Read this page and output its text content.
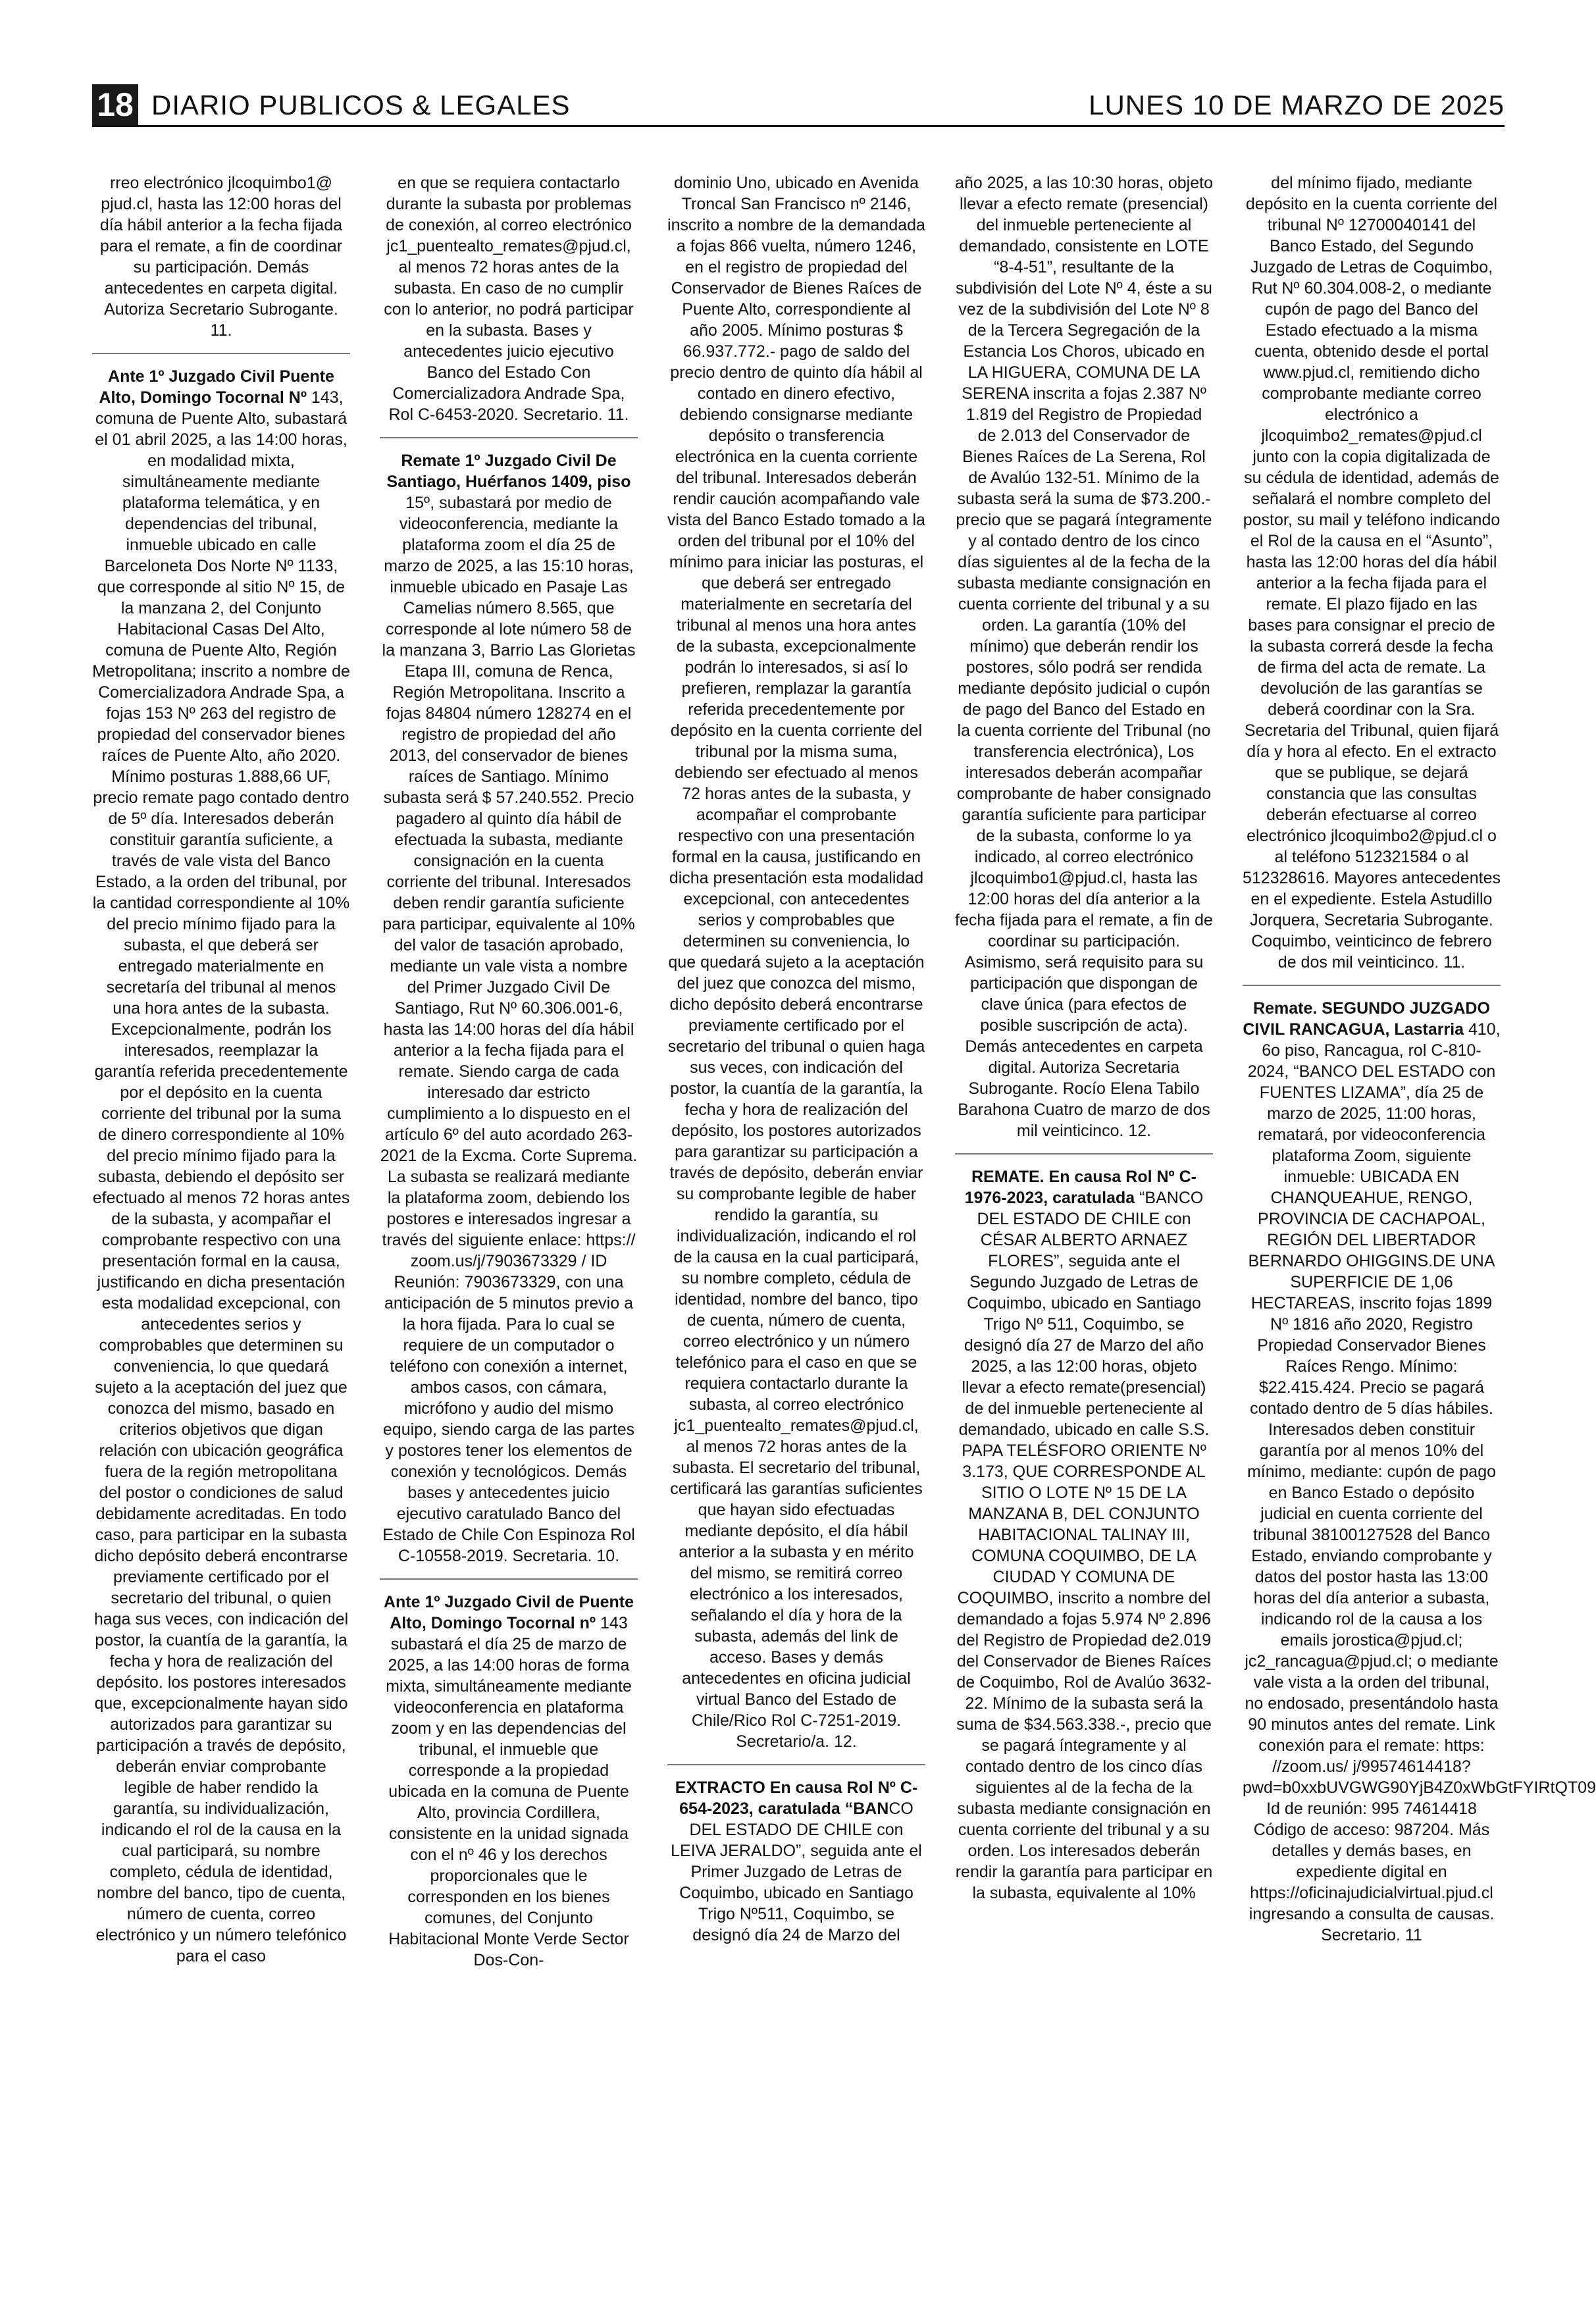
18 DIARIO PUBLICOS & LEGALES	LUNES 10 DE MARZO DE 2025

rreo electrónico jlcoquimbo1@ pjud.cl, hasta las 12:00 horas del día hábil anterior a la fecha fijada para el remate, a fin de coordinar su participación. Demás antecedentes en carpeta digital. Autoriza Secretario Subrogante. 11.

Ante 1º Juzgado Civil Puente Alto, Domingo Tocornal Nº 143, comuna de Puente Alto, subastará el 01 abril 2025, a las 14:00 horas, en modalidad mixta, simultáneamente mediante plataforma telemática, y en dependencias del tribunal, inmueble ubicado en calle Barceloneta Dos Norte Nº 1133, que corresponde al sitio Nº 15, de la manzana 2, del Conjunto Habitacional Casas Del Alto, comuna de Puente Alto, Región Metropolitana; inscrito a nombre de Comercializadora Andrade Spa, a fojas 153 Nº 263 del registro de propiedad del conservador bienes raíces de Puente Alto, año 2020. Mínimo posturas 1.888,66 UF, precio remate pago contado dentro de 5º día. Interesados deberán constituir garantía suficiente, a través de vale vista del Banco Estado, a la orden del tribunal, por la cantidad correspondiente al 10% del precio mínimo fijado para la subasta, el que deberá ser entregado materialmente en secretaría del tribunal al menos una hora antes de la subasta. Excepcionalmente, podrán los interesados, reemplazar la garantía referida precedentemente por el depósito en la cuenta corriente del tribunal por la suma de dinero correspondiente al 10% del precio mínimo fijado para la subasta, debiendo el depósito ser efectuado al menos 72 horas antes de la subasta, y acompañar el comprobante respectivo con una presentación formal en la causa, justificando en dicha presentación esta modalidad excepcional, con antecedentes serios y comprobables que determinen su conveniencia, lo que quedará sujeto a la aceptación del juez que conozca del mismo, basado en criterios objetivos que digan relación con ubicación geográfica fuera de la región metropolitana del postor o condiciones de salud debidamente acreditadas. En todo caso, para participar en la subasta dicho depósito deberá encontrarse previamente certificado por el secretario del tribunal, o quien haga sus veces, con indicación del postor, la cuantía de la garantía, la fecha y hora de realización del depósito. los postores interesados que, excepcionalmente hayan sido autorizados para garantizar su participación a través de depósito, deberán enviar comprobante legible de haber rendido la garantía, su individualización, indicando el rol de la causa en la cual participará, su nombre completo, cédula de identidad, nombre del banco, tipo de cuenta, número de cuenta, correo electrónico y un número telefónico para el caso

en que se requiera contactarlo durante la subasta por problemas de conexión, al correo electrónico jc1_puentealto_remates@pjud.cl, al menos 72 horas antes de la subasta. En caso de no cumplir con lo anterior, no podrá participar en la subasta. Bases y antecedentes juicio ejecutivo Banco del Estado Con Comercializadora Andrade Spa, Rol C-6453-2020. Secretario. 11.

Remate 1º Juzgado Civil De Santiago, Huérfanos 1409, piso 15º, subastará por medio de videoconferencia, mediante la plataforma zoom el día 25 de marzo de 2025, a las 15:10 horas, inmueble ubicado en Pasaje Las Camelias número 8.565, que corresponde al lote número 58 de la manzana 3, Barrio Las Glorietas Etapa III, comuna de Renca, Región Metropolitana. Inscrito a fojas 84804 número 128274 en el registro de propiedad del año 2013, del conservador de bienes raíces de Santiago. Mínimo subasta será $ 57.240.552. Precio pagadero al quinto día hábil de efectuada la subasta, mediante consignación en la cuenta corriente del tribunal. Interesados deben rendir garantía suficiente para participar, equivalente al 10% del valor de tasación aprobado, mediante un vale vista a nombre del Primer Juzgado Civil De Santiago, Rut Nº 60.306.001-6, hasta las 14:00 horas del día hábil anterior a la fecha fijada para el remate. Siendo carga de cada interesado dar estricto cumplimiento a lo dispuesto en el artículo 6º del auto acordado 263-2021 de la Excma. Corte Suprema. La subasta se realizará mediante la plataforma zoom, debiendo los postores e interesados ingresar a través del siguiente enlace: https:// zoom.us/j/7903673329 / ID Reunión: 7903673329, con una anticipación de 5 minutos previo a la hora fijada. Para lo cual se requiere de un computador o teléfono con conexión a internet, ambos casos, con cámara, micrófono y audio del mismo equipo, siendo carga de las partes y postores tener los elementos de conexión y tecnológicos. Demás bases y antecedentes juicio ejecutivo caratulado Banco del Estado de Chile Con Espinoza Rol C-10558-2019. Secretaria. 10.

Ante 1º Juzgado Civil de Puente Alto, Domingo Tocornal nº 143 subastará el día 25 de marzo de 2025, a las 14:00 horas de forma mixta, simultáneamente mediante videoconferencia en plataforma zoom y en las dependencias del tribunal, el inmueble que corresponde a la propiedad ubicada en la comuna de Puente Alto, provincia Cordillera, consistente en la unidad signada con el nº 46 y los derechos proporcionales que le corresponden en los bienes comunes, del Conjunto Habitacional Monte Verde Sector Dos-Con-

dominio Uno, ubicado en Avenida Troncal San Francisco nº 2146, inscrito a nombre de la demandada a fojas 866 vuelta, número 1246, en el registro de propiedad del Conservador de Bienes Raíces de Puente Alto, correspondiente al año 2005. Mínimo posturas $ 66.937.772.- pago de saldo del precio dentro de quinto día hábil al contado en dinero efectivo, debiendo consignarse mediante depósito o transferencia electrónica en la cuenta corriente del tribunal. Interesados deberán rendir caución acompañando vale vista del Banco Estado tomado a la orden del tribunal por el 10% del mínimo para iniciar las posturas, el que deberá ser entregado materialmente en secretaría del tribunal al menos una hora antes de la subasta, excepcionalmente podrán lo interesados, si así lo prefieren, remplazar la garantía referida precedentemente por depósito en la cuenta corriente del tribunal por la misma suma, debiendo ser efectuado al menos 72 horas antes de la subasta, y acompañar el comprobante respectivo con una presentación formal en la causa, justificando en dicha presentación esta modalidad excepcional, con antecedentes serios y comprobables que determinen su conveniencia, lo que quedará sujeto a la aceptación del juez que conozca del mismo, dicho depósito deberá encontrarse previamente certificado por el secretario del tribunal o quien haga sus veces, con indicación del postor, la cuantía de la garantía, la fecha y hora de realización del depósito, los postores autorizados para garantizar su participación a través de depósito, deberán enviar su comprobante legible de haber rendido la garantía, su individualización, indicando el rol de la causa en la cual participará, su nombre completo, cédula de identidad, nombre del banco, tipo de cuenta, número de cuenta, correo electrónico y un número telefónico para el caso en que se requiera contactarlo durante la subasta, al correo electrónico jc1_puentealto_remates@pjud.cl, al menos 72 horas antes de la subasta. El secretario del tribunal, certificará las garantías suficientes que hayan sido efectuadas mediante depósito, el día hábil anterior a la subasta y en mérito del mismo, se remitirá correo electrónico a los interesados, señalando el día y hora de la subasta, además del link de acceso. Bases y demás antecedentes en oficina judicial virtual Banco del Estado de Chile/Rico Rol C-7251-2019. Secretario/a. 12.

EXTRACTO En causa Rol Nº C-654-2023, caratulada “BANCO DEL ESTADO DE CHILE con LEIVA JERALDO”, seguida ante el Primer Juzgado de Letras de Coquimbo, ubicado en Santiago Trigo Nº511, Coquimbo, se designó día 24 de Marzo del

año 2025, a las 10:30 horas, objeto llevar a efecto remate (presencial) del inmueble perteneciente al demandado, consistente en LOTE “8-4-51”, resultante de la subdivisión del Lote Nº 4, éste a su vez de la subdivisión del Lote Nº 8 de la Tercera Segregación de la Estancia Los Choros, ubicado en LA HIGUERA, COMUNA DE LA SERENA inscrita a fojas 2.387 Nº 1.819 del Registro de Propiedad de 2.013 del Conservador de Bienes Raíces de La Serena, Rol de Avalúo 132-51. Mínimo de la subasta será la suma de $73.200.- precio que se pagará íntegramente y al contado dentro de los cinco días siguientes al de la fecha de la subasta mediante consignación en cuenta corriente del tribunal y a su orden. La garantía (10% del mínimo) que deberán rendir los postores, sólo podrá ser rendida mediante depósito judicial o cupón de pago del Banco del Estado en la cuenta corriente del Tribunal (no transferencia electrónica), Los interesados deberán acompañar comprobante de haber consignado garantía suficiente para participar de la subasta, conforme lo ya indicado, al correo electrónico jlcoquimbo1@pjud.cl, hasta las 12:00 horas del día anterior a la fecha fijada para el remate, a fin de coordinar su participación. Asimismo, será requisito para su participación que dispongan de clave única (para efectos de posible suscripción de acta). Demás antecedentes en carpeta digital. Autoriza Secretaria Subrogante. Rocío Elena Tabilo Barahona Cuatro de marzo de dos mil veinticinco. 12.

REMATE. En causa Rol Nº C-1976-2023, caratulada “BANCO DEL ESTADO DE CHILE con CÉSAR ALBERTO ARNAEZ FLORES”, seguida ante el Segundo Juzgado de Letras de Coquimbo, ubicado en Santiago Trigo Nº 511, Coquimbo, se designó día 27 de Marzo del año 2025, a las 12:00 horas, objeto llevar a efecto remate(presencial) de del inmueble perteneciente al demandado, ubicado en calle S.S. PAPA TELÉSFORO ORIENTE Nº 3.173, QUE CORRESPONDE AL SITIO O LOTE Nº 15 DE LA MANZANA B, DEL CONJUNTO HABITACIONAL TALINAY III, COMUNA COQUIMBO, DE LA CIUDAD Y COMUNA DE COQUIMBO, inscrito a nombre del demandado a fojas 5.974 Nº 2.896 del Registro de Propiedad de2.019 del Conservador de Bienes Raíces de Coquimbo, Rol de Avalúo 3632-22. Mínimo de la subasta será la suma de $34.563.338.-, precio que se pagará íntegramente y al contado dentro de los cinco días siguientes al de la fecha de la subasta mediante consignación en cuenta corriente del tribunal y a su orden. Los interesados deberán rendir la garantía para participar en la subasta, equivalente al 10%

del mínimo fijado, mediante depósito en la cuenta corriente del tribunal Nº 12700040141 del Banco Estado, del Segundo Juzgado de Letras de Coquimbo, Rut Nº 60.304.008-2, o mediante cupón de pago del Banco del Estado efectuado a la misma cuenta, obtenido desde el portal www.pjud.cl, remitiendo dicho comprobante mediante correo electrónico a jlcoquimbo2_remates@pjud.cl junto con la copia digitalizada de su cédula de identidad, además de señalará el nombre completo del postor, su mail y teléfono indicando el Rol de la causa en el “Asunto”, hasta las 12:00 horas del día hábil anterior a la fecha fijada para el remate. El plazo fijado en las bases para consignar el precio de la subasta correrá desde la fecha de firma del acta de remate. La devolución de las garantías se deberá coordinar con la Sra. Secretaria del Tribunal, quien fijará día y hora al efecto. En el extracto que se publique, se dejará constancia que las consultas deberán efectuarse al correo electrónico jlcoquimbo2@pjud.cl o al teléfono 512321584 o al 512328616. Mayores antecedentes en el expediente. Estela Astudillo Jorquera, Secretaria Subrogante. Coquimbo, veinticinco de febrero de dos mil veinticinco. 11.

Remate. SEGUNDO JUZGADO CIVIL RANCAGUA, Lastarria 410, 6o piso, Rancagua, rol C-810-2024, “BANCO DEL ESTADO con FUENTES LIZAMA”, día 25 de marzo de 2025, 11:00 horas, rematará, por videoconferencia plataforma Zoom, siguiente inmueble: UBICADA EN CHANQUEAHUE, RENGO, PROVINCIA DE CACHAPOAL, REGIÓN DEL LIBERTADOR BERNARDO OHIGGINS.DE UNA SUPERFICIE DE 1,06 HECTAREAS, inscrito fojas 1899 Nº 1816 año 2020, Registro Propiedad Conservador Bienes Raíces Rengo. Mínimo: $22.415.424. Precio se pagará contado dentro de 5 días hábiles. Interesados deben constituir garantía por al menos 10% del mínimo, mediante: cupón de pago en Banco Estado o depósito judicial en cuenta corriente del tribunal 38100127528 del Banco Estado, enviando comprobante y datos del postor hasta las 13:00 horas del día anterior a subasta, indicando rol de la causa a los emails jorostica@pjud.cl; jc2_rancagua@pjud.cl; o mediante vale vista a la orden del tribunal, no endosado, presentándolo hasta 90 minutos antes del remate. Link conexión para el remate: https: //zoom.us/ j/99574614418?pwd=b0xxbUVGWG90YjB4Z0xWbGtFYIRtQT09 Id de reunión: 995 74614418 Código de acceso: 987204. Más detalles y demás bases, en expediente digital en https://oficinajudicialvirtual.pjud.cl ingresando a consulta de causas. Secretario. 11
